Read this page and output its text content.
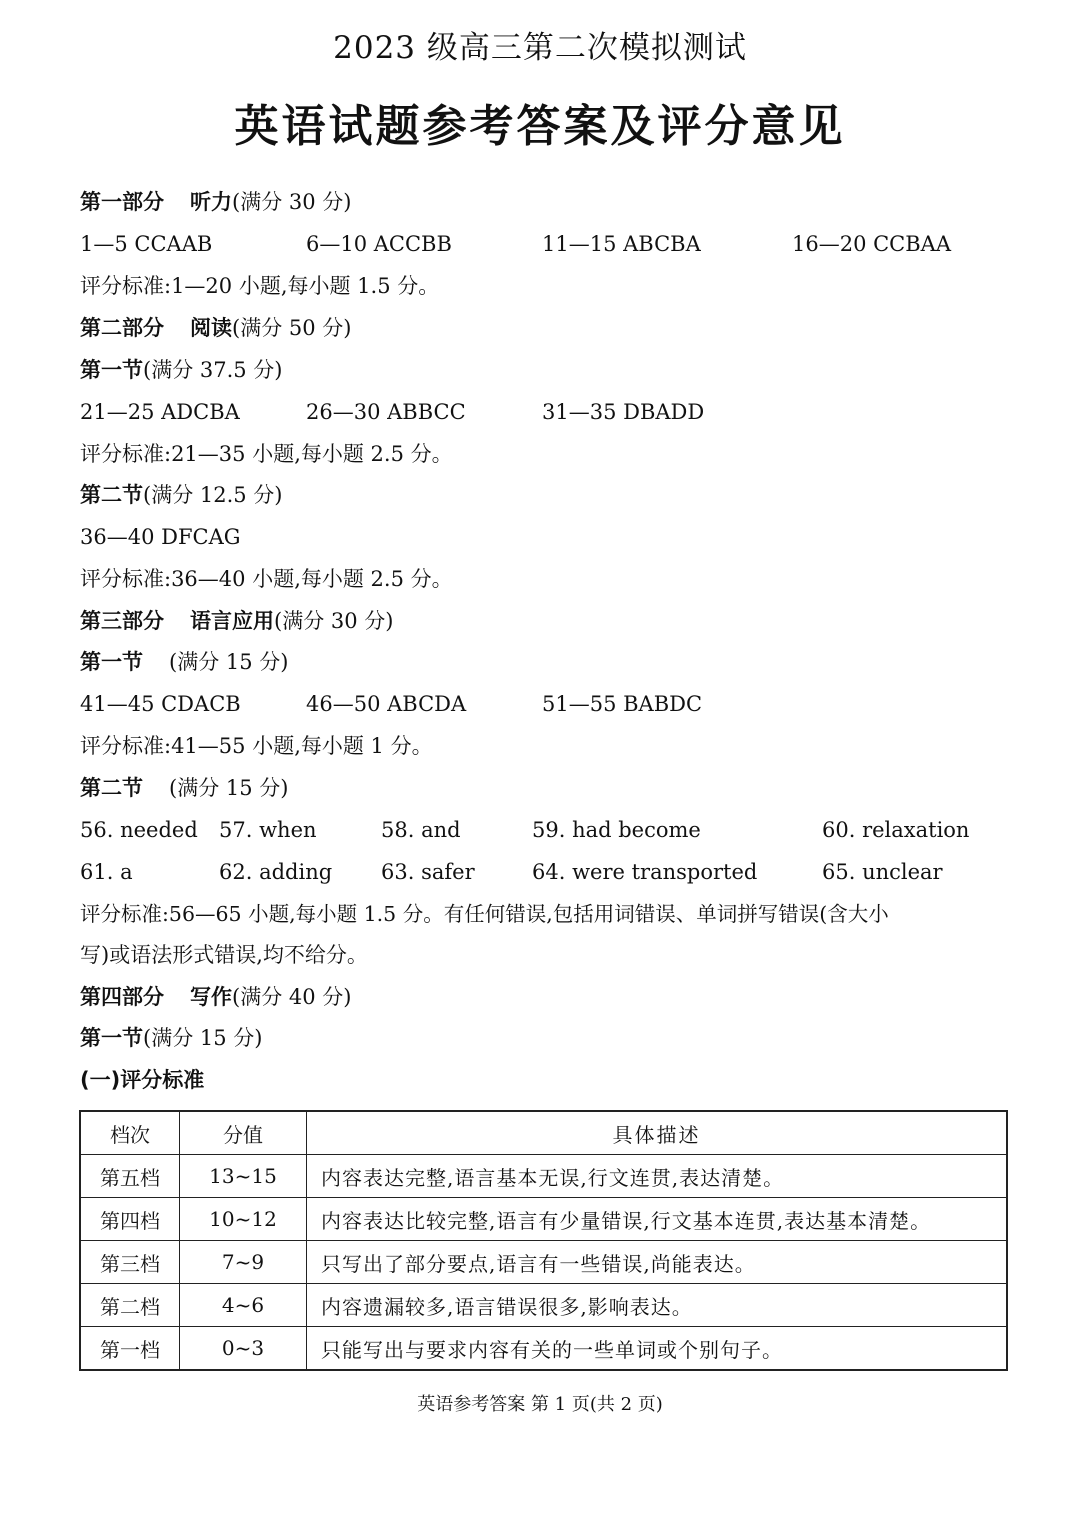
2023 级高三第二次模拟测试
英语试题参考答案及评分意见
第一部分 听力(满分 30 分)
1—5 CCAAB	6—10 ACCBB	11—15 ABCBA	16—20 CCBAA
评分标准:1—20 小题,每小题 1.5 分。
第二部分 阅读(满分 50 分)
第一节(满分 37.5 分)
21—25 ADCBA	26—30 ABBCC	31—35 DBADD
评分标准:21—35 小题,每小题 2.5 分。
第二节(满分 12.5 分)
36—40 DFCAG
评分标准:36—40 小题,每小题 2.5 分。
第三部分 语言应用(满分 30 分)
第一节 (满分 15 分)
41—45 CDACB	46—50 ABCDA	51—55 BABDC
评分标准:41—55 小题,每小题 1 分。
第二节 (满分 15 分)
56. needed 57. when	58. and	59. had become	60. relaxation
61. a	62. adding 63. safer	64. were transported	65. unclear
评分标准:56—65 小题,每小题 1.5 分。有任何错误,包括用词错误、单词拼写错误(含大小
写)或语法形式错误,均不给分。
第四部分 写作(满分 40 分)
第一节(满分 15 分)
(一)评分标准
档次	分值	具体描述
第五档	13~15	内容表达完整,语言基本无误,行文连贯,表达清楚。
第四档	10~12	内容表达比较完整,语言有少量错误,行文基本连贯,表达基本清楚。
第三档	7~9	只写出了部分要点,语言有一些错误,尚能表达。
第二档	4~6	内容遗漏较多,语言错误很多,影响表达。
第一档	0~3	只能写出与要求内容有关的一些单词或个别句子。
英语参考答案 第 1 页(共 2 页)
